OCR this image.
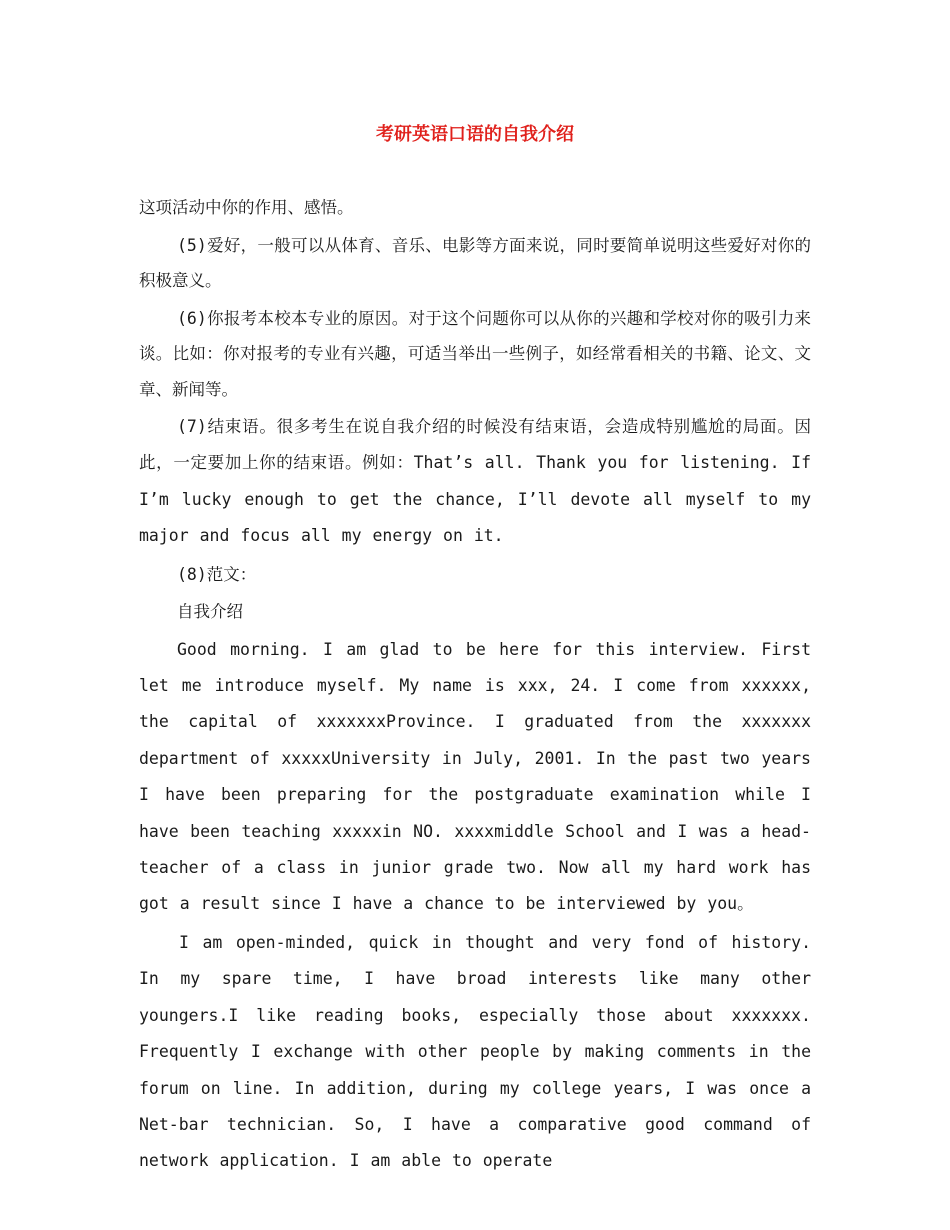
考研英语口语的自我介绍

这项活动中你的作用、感悟。

(5)爱好，一般可以从体育、音乐、电影等方面来说，同时要简单说明这些爱好对你的积极意义。

(6)你报考本校本专业的原因。对于这个问题你可以从你的兴趣和学校对你的吸引力来谈。比如：你对报考的专业有兴趣，可适当举出一些例子，如经常看相关的书籍、论文、文章、新闻等。

(7)结束语。很多考生在说自我介绍的时候没有结束语，会造成特别尴尬的局面。因此，一定要加上你的结束语。例如：That’s all. Thank you for listening. If I’m lucky enough to get the chance, I’ll devote all myself to my major and focus all my energy on it.

(8)范文：

自我介绍

Good morning. I am glad to be here for this interview. First let me introduce myself. My name is xxx, 24. I come from xxxxxx, the capital of xxxxxxxProvince. I graduated from the xxxxxxx department of xxxxxUniversity in July, 2001. In the past two years I have been preparing for the postgraduate examination while I have been teaching xxxxxin NO. xxxxmiddle School and I was a head-teacher of a class in junior grade two. Now all my hard work has got a result since I have a chance to be interviewed by you。

I am open-minded, quick in thought and very fond of history. In my spare time, I have broad interests like many other youngers.I like reading books, especially those about xxxxxxx. Frequently I exchange with other people by making comments in the forum on line. In addition, during my college years, I was once a Net-bar technician. So, I have a comparative good command of network application. I am able to operate
